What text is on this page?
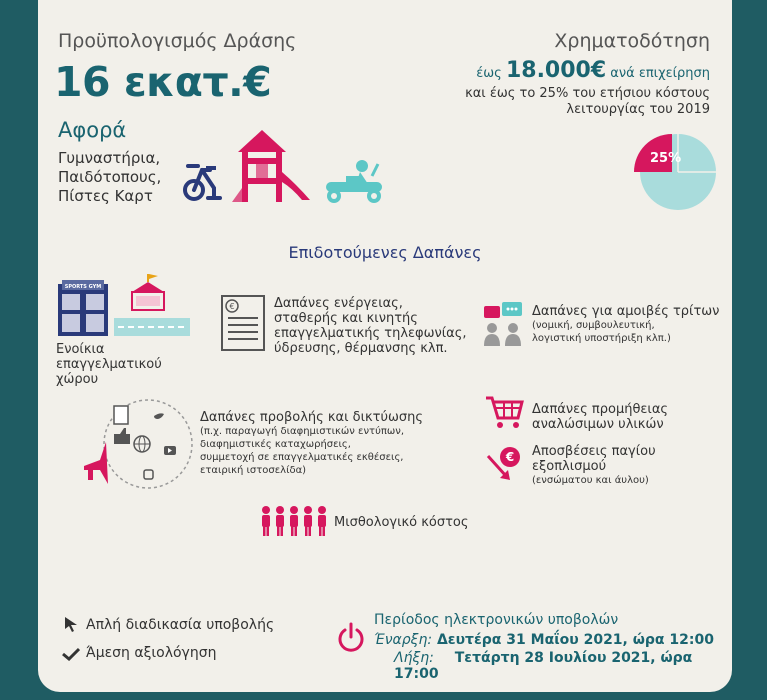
Προϋπολογισμός Δράσης
16 εκατ.€
Αφορά
Γυμναστήρια,
Παιδότοπους,
Πίστες Καρτ
Χρηματοδότηση
έως 18.000€ ανά επιχείρηση
και έως το 25% του ετήσιου κόστους
λειτουργίας του 2019
25%
Επιδοτούμενες Δαπάνες
SPORTS GYM
Ενοίκια
επαγγελματικού
χώρου
€	Δαπάνες ενέργειας,
σταθερής και κινητής
επαγγελματικής τηλεφωνίας,
ύδρευσης, θέρμανσης κλπ.
Δαπάνες για αμοιβές τρίτων
(νομική, συμβουλευτική,
λογιστική υποστήριξη κλπ.)
Δαπάνες προβολής και δικτύωσης
(π.χ. παραγωγή διαφημιστικών εντύπων,
διαφημιστικές καταχωρήσεις,
συμμετοχή σε επαγγελματικές εκθέσεις,
εταιρική ιστοσελίδα)
Δαπάνες προμήθειας
αναλώσιμων υλικών
€ Αποσβέσεις παγίου
εξοπλισμού
(ενσώματου και άυλου)
Μισθολογικό κόστος
Απλή διαδικασία υποβολής
Άμεση αξιολόγηση
Περίοδος ηλεκτρονικών υποβολών
Έναρξη: Δευτέρα 31 Μαΐου 2021, ώρα 12:00
Λήξη: Τετάρτη 28 Ιουλίου 2021, ώρα 17:00
